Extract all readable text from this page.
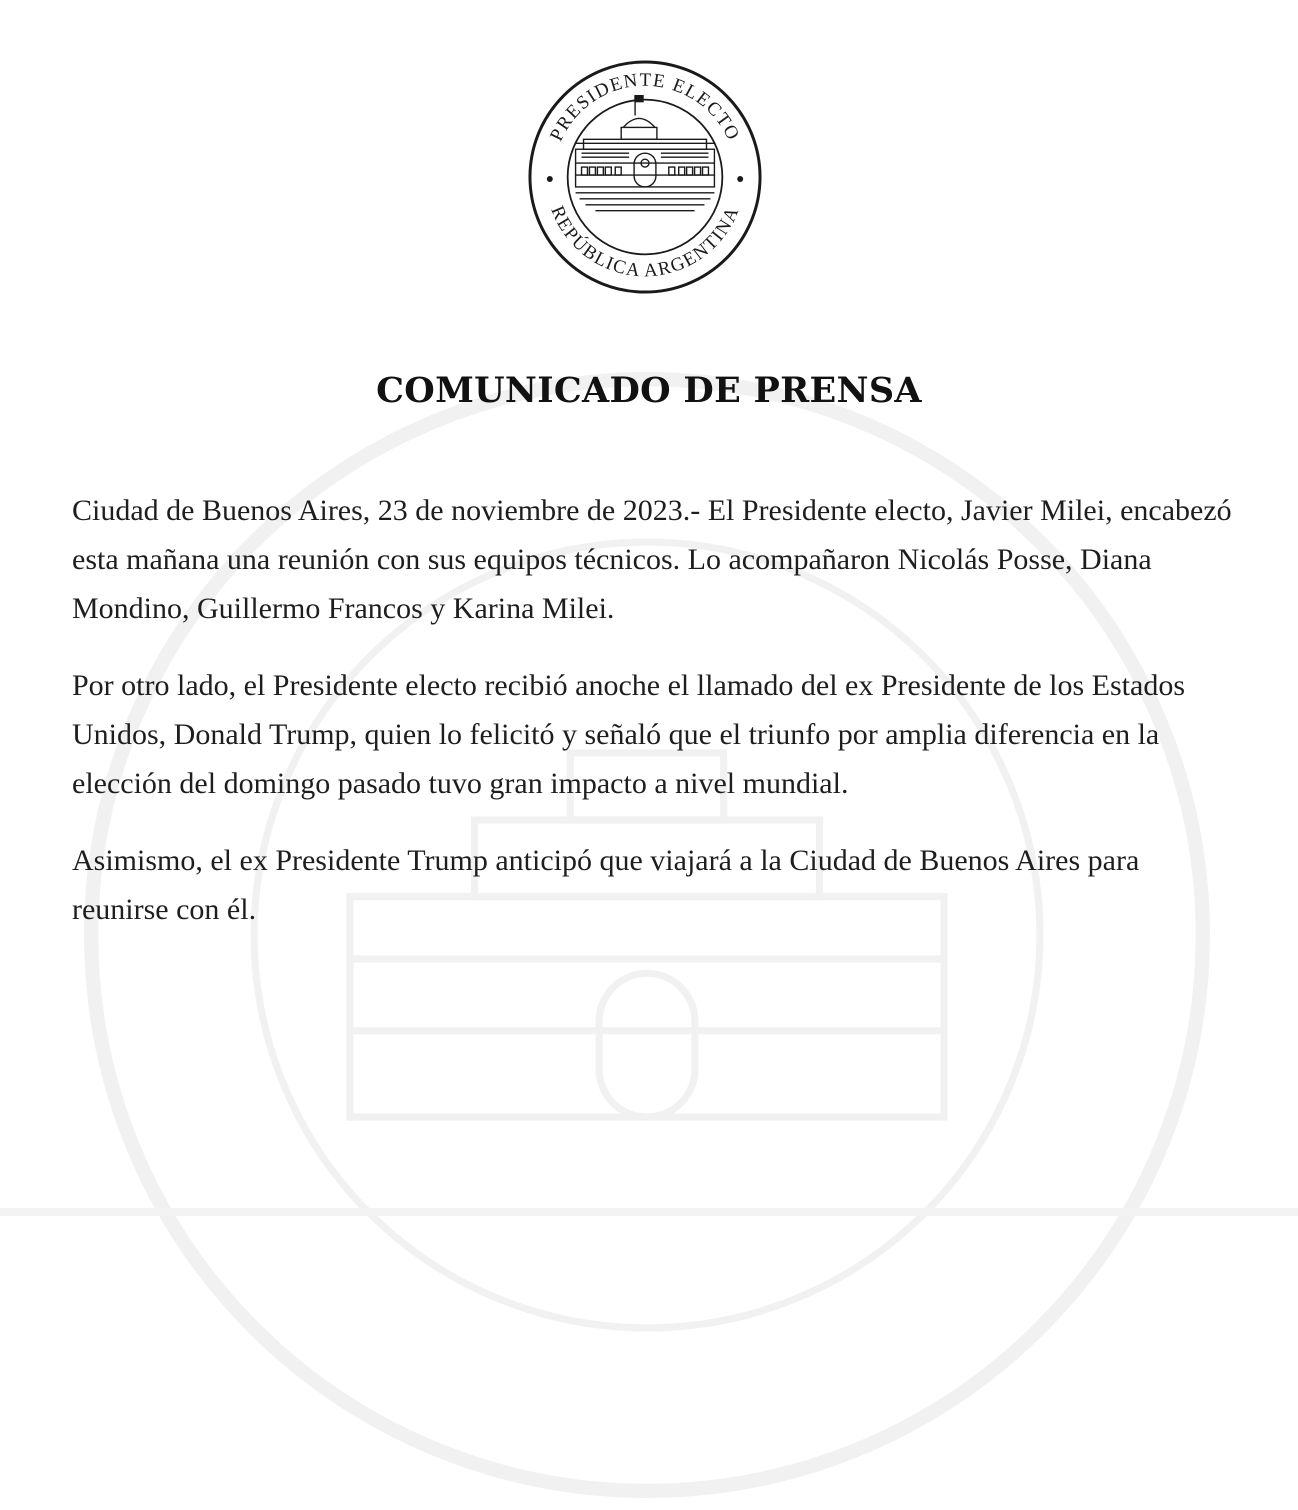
PRESIDENTE ELECTO
REPÚBLICA ARGENTINA
COMUNICADO DE PRENSA

Ciudad de Buenos Aires, 23 de noviembre de 2023.- El Presidente electo, Javier Milei, encabezó esta mañana una reunión con sus equipos técnicos. Lo acompañaron Nicolás Posse, Diana Mondino, Guillermo Francos y Karina Milei.

Por otro lado, el Presidente electo recibió anoche el llamado del ex Presidente de los Estados Unidos, Donald Trump, quien lo felicitó y señaló que el triunfo por amplia diferencia en la elección del domingo pasado tuvo gran impacto a nivel mundial.

Asimismo, el ex Presidente Trump anticipó que viajará a la Ciudad de Buenos Aires para reunirse con él.
